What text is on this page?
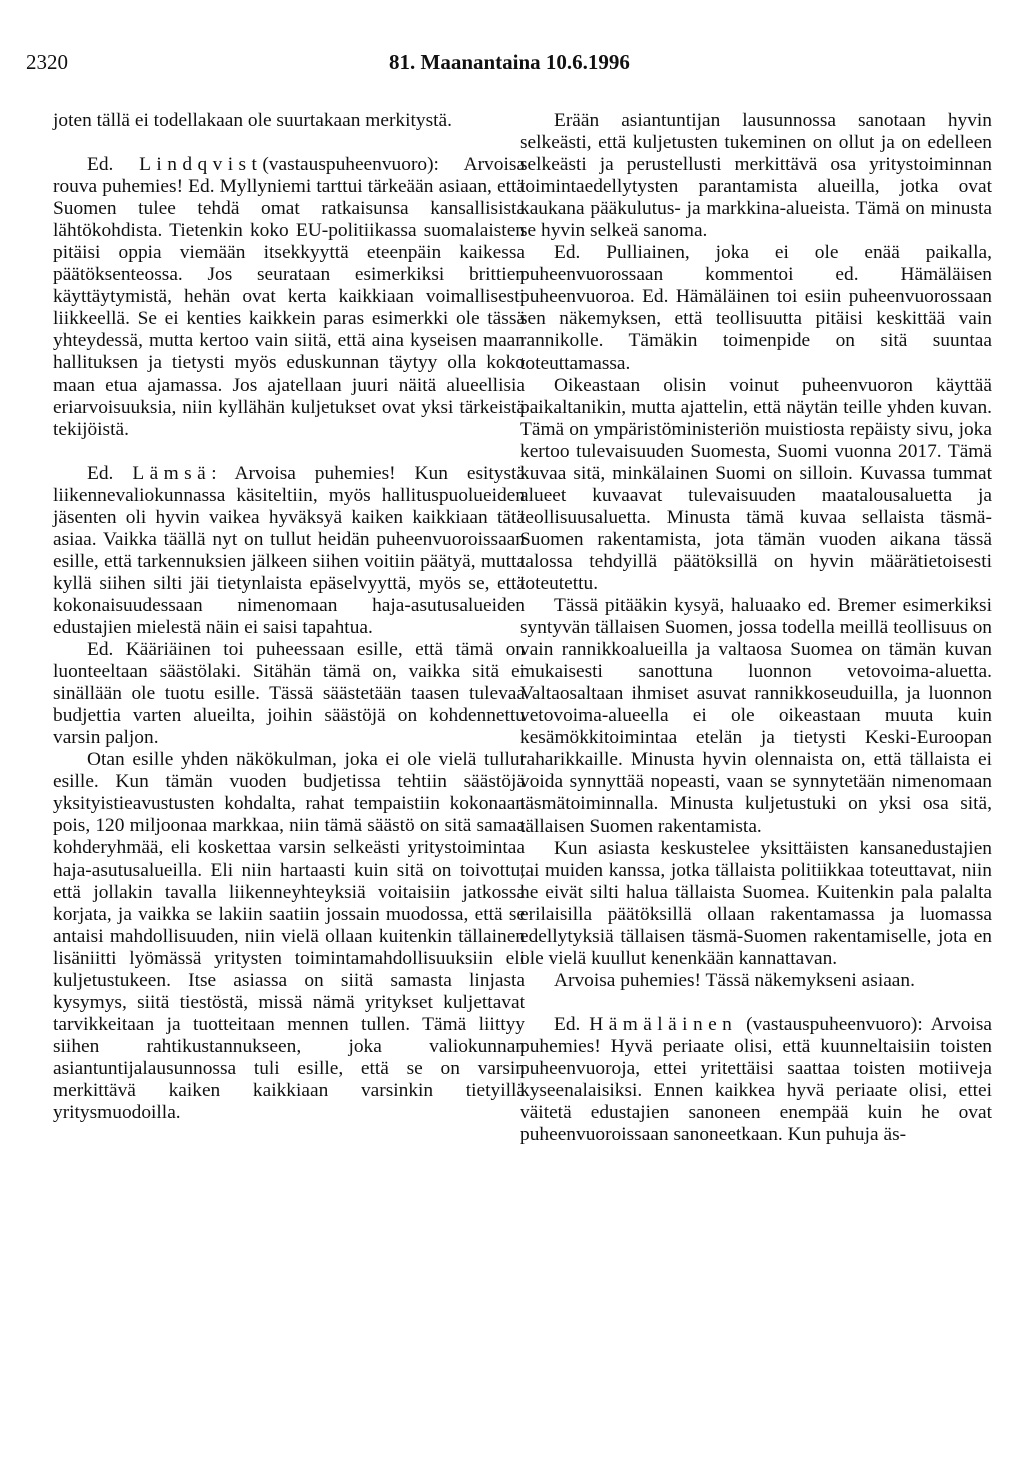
2320	81. Maanantaina 10.6.1996

joten tällä ei todellakaan ole suurtakaan merkitystä.

Ed. Lindqvist(vastauspuheenvuoro): Arvoisa rouva puhemies! Ed. Myllyniemi tarttui tärkeään asiaan, että Suomen tulee tehdä omat ratkaisunsa kansallisista lähtökohdista. Tietenkin koko EU-politiikassa suomalaisten pitäisi oppia viemään itsekkyyttä eteenpäin kaikessa päätöksenteossa. Jos seurataan esimerkiksi brittien käyttäytymistä, hehän ovat kerta kaikkiaan voimallisesti liikkeellä. Se ei kenties kaikkein paras esimerkki ole tässä yhteydessä, mutta kertoo vain siitä, että aina kyseisen maan hallituksen ja tietysti myös eduskunnan täytyy olla koko maan etua ajamassa. Jos ajatellaan juuri näitä alueellisia eriarvoisuuksia, niin kyllähän kuljetukset ovat yksi tärkeistä tekijöistä.

Ed. Lämsä: Arvoisa puhemies! Kun esitystä liikennevaliokunnassa käsiteltiin, myös hallituspuolueiden jäsenten oli hyvin vaikea hyväksyä kaiken kaikkiaan tätä asiaa. Vaikka täällä nyt on tullut heidän puheenvuoroissaan esille, että tarkennuksien jälkeen siihen voitiin päätyä, mutta kyllä siihen silti jäi tietynlaista epäselvyyttä, myös se, että kokonaisuudessaan nimenomaan haja-asutusalueiden edustajien mielestä näin ei saisi tapahtua.

Ed. Kääriäinen toi puheessaan esille, että tämä on luonteeltaan säästölaki. Sitähän tämä on, vaikka sitä ei sinällään ole tuotu esille. Tässä säästetään taasen tulevaa budjettia varten alueilta, joihin säästöjä on kohdennettu varsin paljon.

Otan esille yhden näkökulman, joka ei ole vielä tullut esille. Kun tämän vuoden budjetissa tehtiin säästöjä yksityistieavustusten kohdalta, rahat tempaistiin kokonaan pois, 120 miljoonaa markkaa, niin tämä säästö on sitä samaa kohderyhmää, eli koskettaa varsin selkeästi yritystoimintaa haja-asutusalueilla. Eli niin hartaasti kuin sitä on toivottu, että jollakin tavalla liikenneyhteyksiä voitaisiin jatkossa korjata, ja vaikka se lakiin saatiin jossain muodossa, että se antaisi mahdollisuuden, niin vielä ollaan kuitenkin tällainen lisäniitti lyömässä yritysten toimintamahdollisuuksiin eli kuljetustukeen. Itse asiassa on siitä samasta linjasta kysymys, siitä tiestöstä, missä nämä yritykset kuljettavat tarvikkeitaan ja tuotteitaan mennen tullen. Tämä liittyy siihen rahtikustannukseen, joka valiokunnan asiantuntijalausunnossa tuli esille, että se on varsin merkittävä kaiken kaikkiaan varsinkin tietyillä yritysmuodoilla.

Erään asiantuntijan lausunnossa sanotaan hyvin selkeästi, että kuljetusten tukeminen on ollut ja on edelleen selkeästi ja perustellusti merkittävä osa yritystoiminnan toimintaedellytysten parantamista alueilla, jotka ovat kaukana pääkulutus- ja markkina-alueista. Tämä on minusta se hyvin selkeä sanoma.

Ed. Pulliainen, joka ei ole enää paikalla, puheenvuorossaan kommentoi ed. Hämäläisen puheenvuoroa. Ed. Hämäläinen toi esiin puheenvuorossaan sen näkemyksen, että teollisuutta pitäisi keskittää vain rannikolle. Tämäkin toimenpide on sitä suuntaa toteuttamassa.

Oikeastaan olisin voinut puheenvuoron käyttää paikaltanikin, mutta ajattelin, että näytän teille yhden kuvan. Tämä on ympäristöministeriön muistiosta repäisty sivu, joka kertoo tulevaisuuden Suomesta, Suomi vuonna 2017. Tämä kuvaa sitä, minkälainen Suomi on silloin. Kuvassa tummat alueet kuvaavat tulevaisuuden maatalousaluetta ja teollisuusaluetta. Minusta tämä kuvaa sellaista täsmä-Suomen rakentamista, jota tämän vuoden aikana tässä talossa tehdyillä päätöksillä on hyvin määrätietoisesti toteutettu.

Tässä pitääkin kysyä, haluaako ed. Bremer esimerkiksi syntyvän tällaisen Suomen, jossa todella meillä teollisuus on vain rannikkoalueilla ja valtaosa Suomea on tämän kuvan mukaisesti sanottuna luonnon vetovoima-aluetta. Valtaosaltaan ihmiset asuvat rannikkoseuduilla, ja luonnon vetovoima-alueella ei ole oikeastaan muuta kuin kesämökkitoimintaa etelän ja tietysti Keski-Euroopan raharikkaille. Minusta hyvin olennaista on, että tällaista ei voida synnyttää nopeasti, vaan se synnytetään nimenomaan täsmätoiminnalla. Minusta kuljetustuki on yksi osa sitä, tällaisen Suomen rakentamista.

Kun asiasta keskustelee yksittäisten kansanedustajien tai muiden kanssa, jotka tällaista politiikkaa toteuttavat, niin he eivät silti halua tällaista Suomea. Kuitenkin pala palalta erilaisilla päätöksillä ollaan rakentamassa ja luomassa edellytyksiä tällaisen täsmä-Suomen rakentamiselle, jota en ole vielä kuullut kenenkään kannattavan.

Arvoisa puhemies! Tässä näkemykseni asiaan.

Ed. Hämäläinen (vastauspuheenvuoro): Arvoisa puhemies! Hyvä periaate olisi, että kuunneltaisiin toisten puheenvuoroja, ettei yritettäisi saattaa toisten motiiveja kyseenalaisiksi. Ennen kaikkea hyvä periaate olisi, ettei väitetä edustajien sanoneen enempää kuin he ovat puheenvuoroissaan sanoneetkaan. Kun puhuja äs-
